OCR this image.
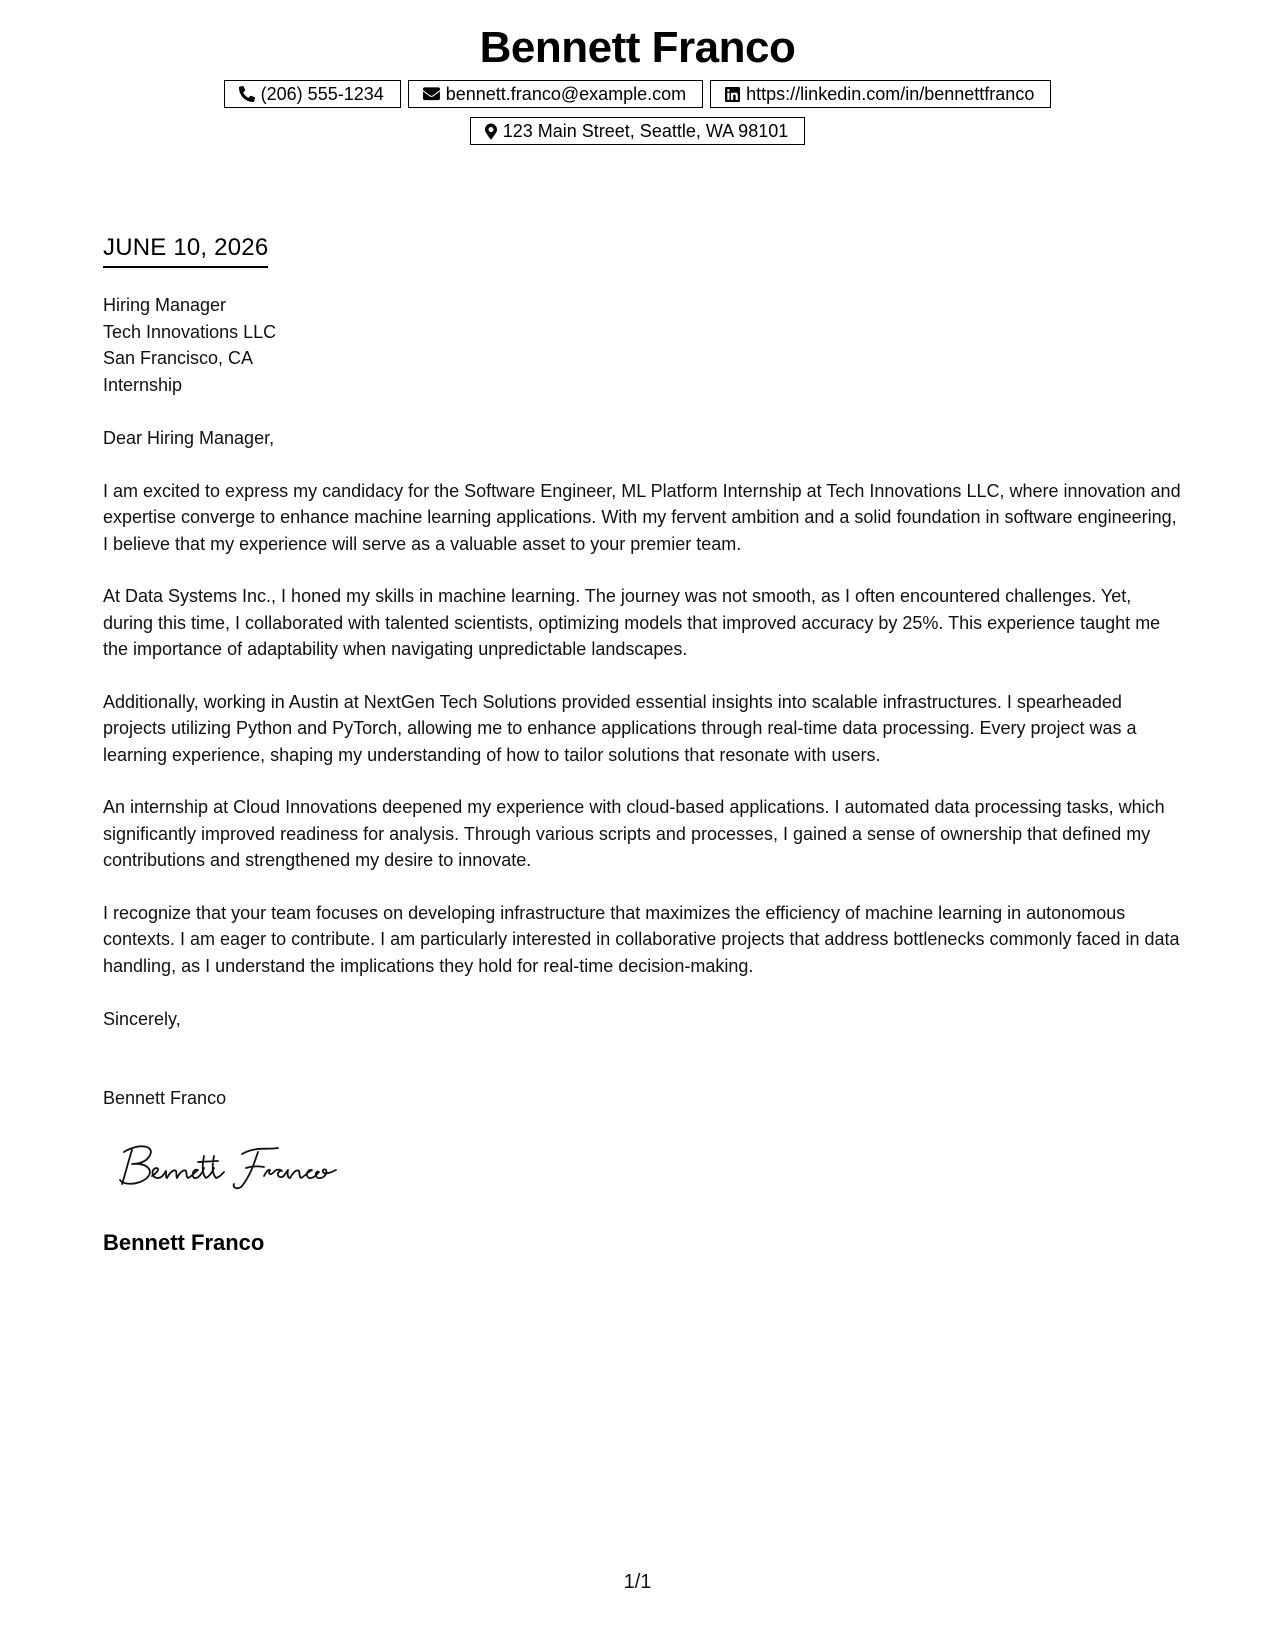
Bennett Franco
(206) 555-1234	bennett.franco@example.com	https://linkedin.com/in/bennettfranco
123 Main Street, Seattle, WA 98101
JUNE 10, 2026
Hiring Manager
Tech Innovations LLC
San Francisco, CA
Internship

Dear Hiring Manager,

I am excited to express my candidacy for the Software Engineer, ML Platform Internship at Tech Innovations LLC, where innovation and expertise converge to enhance machine learning applications. With my fervent ambition and a solid foundation in software engineering, I believe that my experience will serve as a valuable asset to your premier team.

At Data Systems Inc., I honed my skills in machine learning. The journey was not smooth, as I often encountered challenges. Yet, during this time, I collaborated with talented scientists, optimizing models that improved accuracy by 25%. This experience taught me the importance of adaptability when navigating unpredictable landscapes.

Additionally, working in Austin at NextGen Tech Solutions provided essential insights into scalable infrastructures. I spearheaded projects utilizing Python and PyTorch, allowing me to enhance applications through real-time data processing. Every project was a learning experience, shaping my understanding of how to tailor solutions that resonate with users.

An internship at Cloud Innovations deepened my experience with cloud-based applications. I automated data processing tasks, which significantly improved readiness for analysis. Through various scripts and processes, I gained a sense of ownership that defined my contributions and strengthened my desire to innovate.

I recognize that your team focuses on developing infrastructure that maximizes the efficiency of machine learning in autonomous contexts. I am eager to contribute. I am particularly interested in collaborative projects that address bottlenecks commonly faced in data handling, as I understand the implications they hold for real-time decision-making.

Sincerely,
Bennett Franco
Bennett Franco
1/1
